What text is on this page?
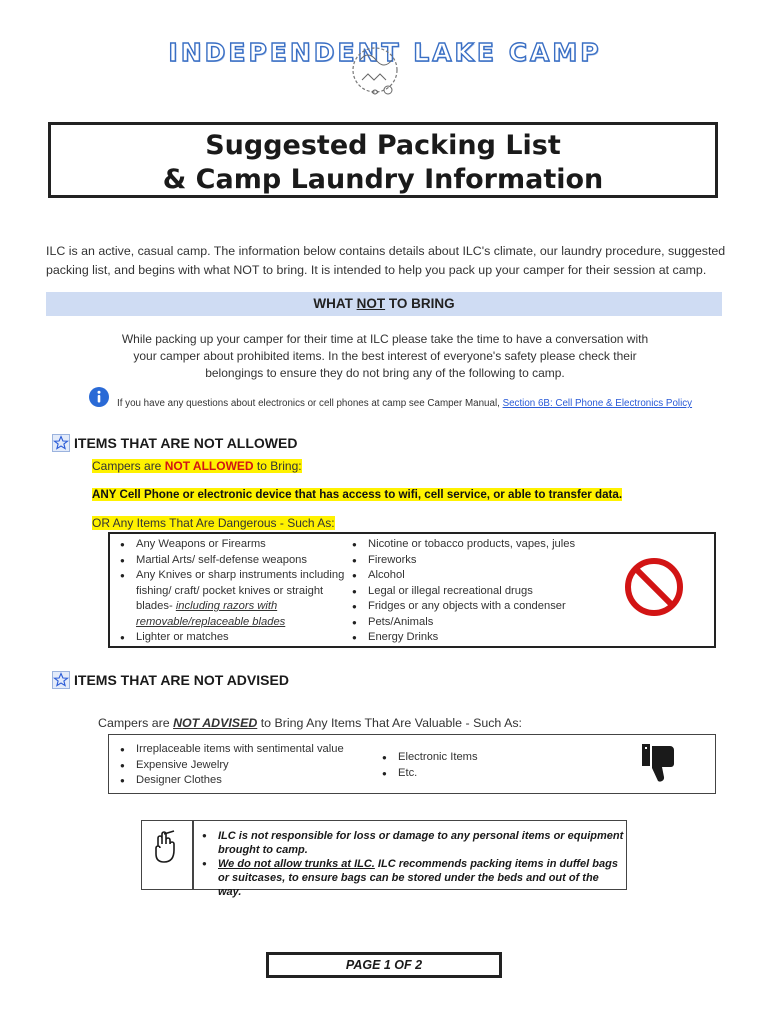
INDEPENDENT LAKE CAMP
Suggested Packing List
& Camp Laundry Information
ILC is an active, casual camp. The information below contains details about ILC's climate, our laundry procedure, suggested packing list, and begins with what NOT to bring. It is intended to help you pack up your camper for their session at camp.
WHAT NOT TO BRING
While packing up your camper for their time at ILC please take the time to have a conversation with your camper about prohibited items. In the best interest of everyone's safety please check their belongings to ensure they do not bring any of the following to camp.
If you have any questions about electronics or cell phones at camp see Camper Manual, Section 6B: Cell Phone & Electronics Policy
ITEMS THAT ARE NOT ALLOWED
Campers are NOT ALLOWED to Bring:
ANY Cell Phone or electronic device that has access to wifi, cell service, or able to transfer data.
OR Any Items That Are Dangerous - Such As:
● Any Weapons or Firearms
● Martial Arts/ self-defense weapons
● Any Knives or sharp instruments including fishing/ craft/ pocket knives or straight blades- including razors with removable/replaceable blades
● Lighter or matches
● Nicotine or tobacco products, vapes, jules
● Fireworks
● Alcohol
● Legal or illegal recreational drugs
● Fridges or any objects with a condenser
● Pets/Animals
● Energy Drinks
ITEMS THAT ARE NOT ADVISED
Campers are NOT ADVISED to Bring Any Items That Are Valuable - Such As:
● Irreplaceable items with sentimental value
● Expensive Jewelry
● Designer Clothes
● Electronic Items
● Etc.
● ILC is not responsible for loss or damage to any personal items or equipment brought to camp.
● We do not allow trunks at ILC. ILC recommends packing items in duffel bags or suitcases, to ensure bags can be stored under the beds and out of the way.
PAGE 1 OF 2
